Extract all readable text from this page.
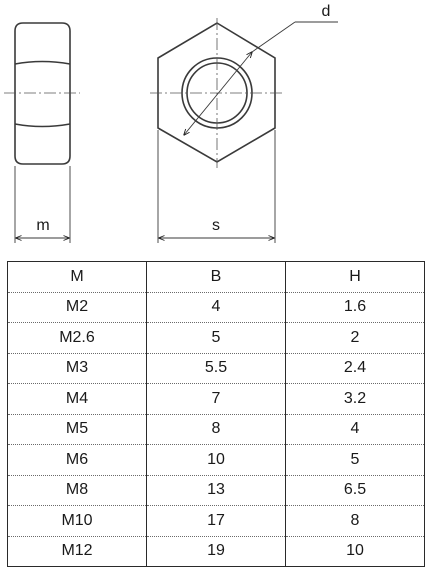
m	s
d
M	B	H
M2	4	1.6
M2.6	5	2
M3	5.5	2.4
M4	7	3.2
M5	8	4
M6	10	5
M8	13	6.5
M10	17	8
M12	19	10
